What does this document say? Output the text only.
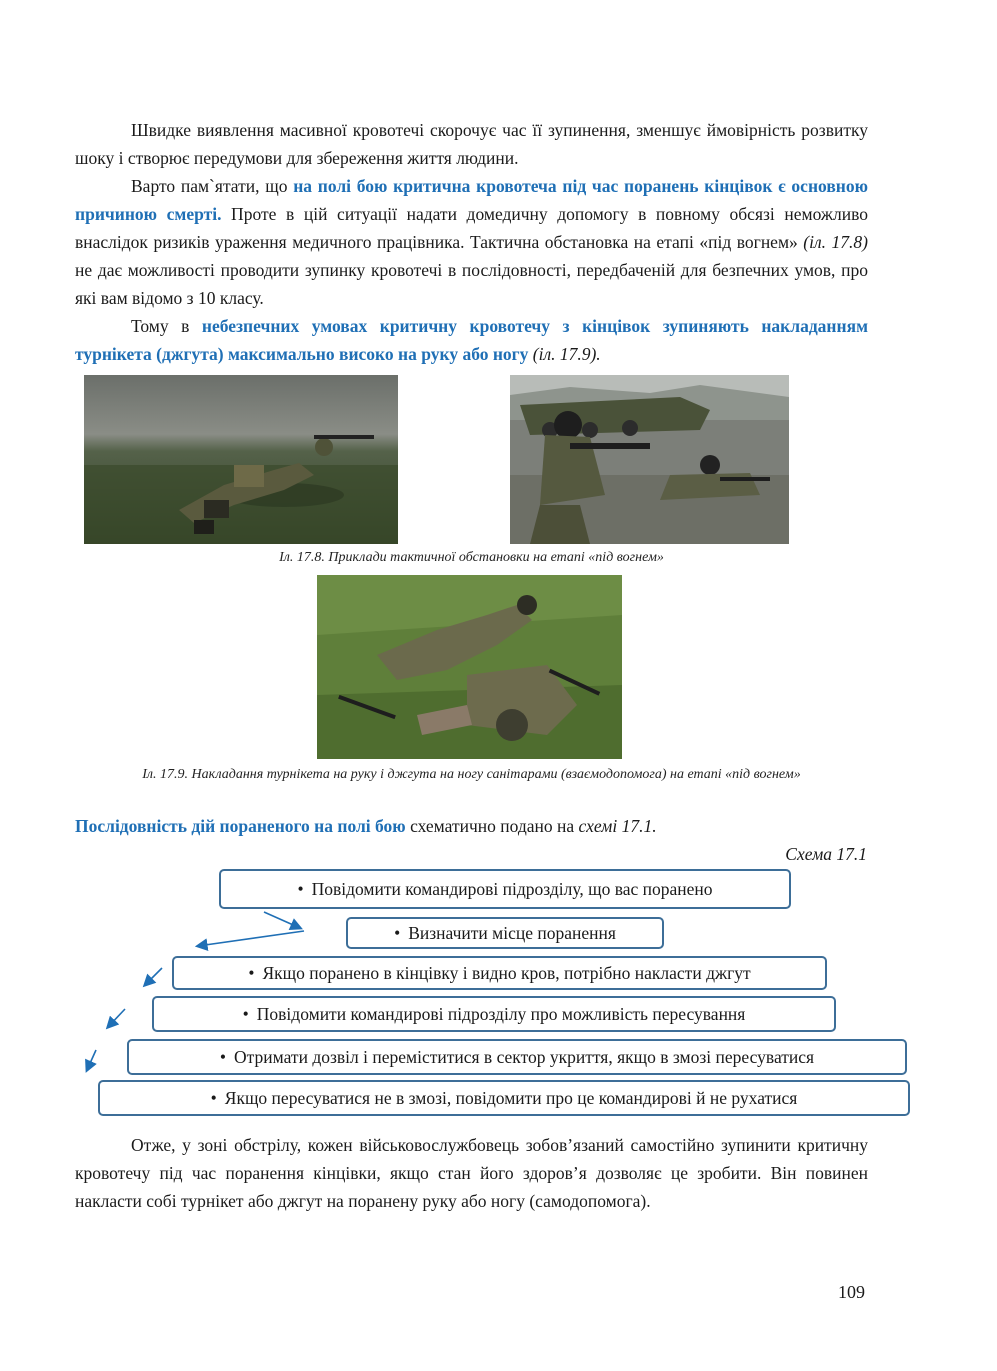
Швидке виявлення масивної кровотечі скорочує час її зупинення, зменшує ймовірність розвитку шоку і створює передумови для збереження життя людини.

Варто пам`ятати, що на полі бою критична кровотеча під час поранень кінцівок є основною причиною смерті. Проте в цій ситуації надати домедичну допомогу в повному обсязі неможливо внаслідок ризиків ураження медичного працівника. Тактична обстановка на етапі «під вогнем» (іл. 17.8) не дає можливості проводити зупинку кровотечі в послідовності, передбаченій для безпечних умов, про які вам відомо з 10 класу.

Тому в небезпечних умовах критичну кровотечу з кінцівок зупиняють накладанням турнікета (джгута) максимально високо на руку або ногу (іл. 17.9).

Іл. 17.8. Приклади тактичної обстановки на етапі «під вогнем»
Іл. 17.9. Накладання турнікета на руку і джгута на ногу санітарами (взаємодопомога) на етапі «під вогнем»

Послідовність дій пораненого на полі бою схематично подано на схемі 17.1.

Схема 17.1
• Повідомити командирові підрозділу, що вас поранено
• Визначити місце поранення
• Якщо поранено в кінцівку і видно кров, потрібно накласти джгут
• Повідомити командирові підрозділу про можливість пересування
• Отримати дозвіл і переміститися в сектор укриття, якщо в змозі пересуватися
• Якщо пересуватися не в змозі, повідомити про це командирові й не рухатися

Отже, у зоні обстрілу, кожен військовослужбовець зобов’язаний самостійно зупинити критичну кровотечу під час поранення кінцівки, якщо стан його здоров’я дозволяє це зробити. Він повинен накласти собі турнікет або джгут на поранену руку або ногу (самодопомога).

109
